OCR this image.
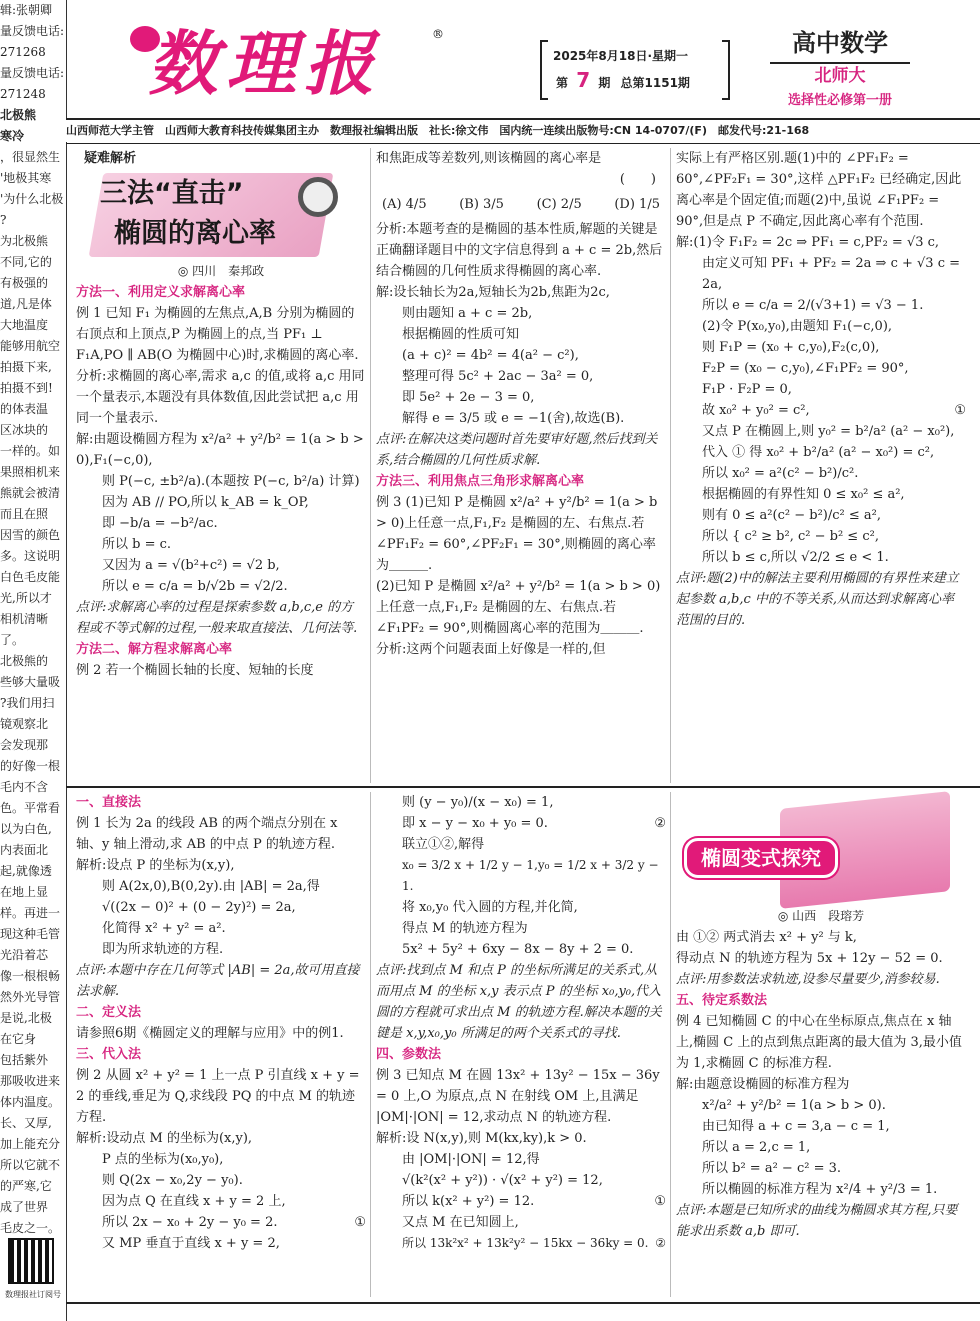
辑:张朝卿
量反馈电话:
271268
量反馈电话:
271248
北极熊
寒冷
，很显然生
'地极其寒
'为什么北极
?
为北极熊
不同,它的
有极强的
道,凡是体
大地温度
能够用航空
拍摄下来,
拍摄不到!
的体表温
区冰块的
一样的。如
果照相机来
熊就会被清
而且在照
因雪的颜色
多。这说明
白色毛皮能
光,所以才
相机清晰
了。
北极熊的
些够大量吸
?我们用扫
镜观察北
会发现那
的好像一根
毛内不含
色。平常看
以为白色,
内表面北
起,就像透
在地上显
样。再进一
现这种毛管
光沿着芯
像一根根畅
然外光导管
是说,北极
在它身
包括紫外
那吸收进来
体内温度。
长、又厚,
加上能充分
所以它就不
的严寒,它
成了世界
毛皮之一。
数理报社订阅号
数理报	®
2025年8月18日·星期一
第 7 期 总第1151期
高中数学
北师大
选择性必修第一册
山西师范大学主管　山西师大教育科技传媒集团主办　数理报社编辑出版　社长:徐文伟　国内统一连续出版物号:CN 14-0707/(F)　邮发代号:21-168
疑难解析
三法“直击”
椭圆的离心率
◎ 四川　秦邦政

方法一、利用定义求解离心率

例 1 已知 F₁ 为椭圆的左焦点,A,B 分别为椭圆的右顶点和上顶点,P 为椭圆上的点,当 PF₁ ⊥ F₁A,PO ∥ AB(O 为椭圆中心)时,求椭圆的离心率.

分析:求椭圆的离心率,需求 a,c 的值,或将 a,c 用同一个量表示,本题没有具体数值,因此尝试把 a,c 用同一个量表示.

解:由题设椭圆方程为 x²/a² + y²/b² = 1(a > b > 0),F₁(−c,0),

则 P(−c, ±b²/a).(本题按 P(−c, b²/a) 计算)

因为 AB // PO,所以 k_AB = k_OP,

即 −b/a = −b²/ac.

所以 b = c.

又因为 a = √(b²+c²) = √2 b,

所以 e = c/a = b/√2b = √2/2.

点评:求解离心率的过程是探索参数 a,b,c,e 的方程或不等式解的过程,一般来取直接法、几何法等.

方法二、解方程求解离心率

例 2 若一个椭圆长轴的长度、短轴的长度

和焦距成等差数列,则该椭圆的离心率是

(　　)

(A) 4/5	(B) 3/5	(C) 2/5	(D) 1/5

分析:本题考查的是椭圆的基本性质,解题的关键是正确翻译题目中的文字信息得到 a + c = 2b,然后结合椭圆的几何性质求得椭圆的离心率.

解:设长轴长为2a,短轴长为2b,焦距为2c,

则由题知 a + c = 2b,

根据椭圆的性质可知

(a + c)² = 4b² = 4(a² − c²),

整理可得 5c² + 2ac − 3a² = 0,

即 5e² + 2e − 3 = 0,

解得 e = 3/5 或 e = −1(舍),故选(B).

点评:在解决这类问题时首先要审好题,然后找到关系,结合椭圆的几何性质求解.

方法三、利用焦点三角形求解离心率

例 3 (1)已知 P 是椭圆 x²/a² + y²/b² = 1(a > b > 0)上任意一点,F₁,F₂ 是椭圆的左、右焦点.若 ∠PF₁F₂ = 60°,∠PF₂F₁ = 30°,则椭圆的离心率为＿＿＿.

(2)已知 P 是椭圆 x²/a² + y²/b² = 1(a > b > 0)上任意一点,F₁,F₂ 是椭圆的左、右焦点.若 ∠F₁PF₂ = 90°,则椭圆离心率的范围为＿＿＿.

分析:这两个问题表面上好像是一样的,但

实际上有严格区别.题(1)中的 ∠PF₁F₂ = 60°,∠PF₂F₁ = 30°,这样 △PF₁F₂ 已经确定,因此离心率是个固定值;而题(2)中,虽说 ∠F₁PF₂ = 90°,但是点 P 不确定,因此离心率有个范围.

解:(1)令 F₁F₂ = 2c ⇒ PF₁ = c,PF₂ = √3 c,

由定义可知 PF₁ + PF₂ = 2a ⇒ c + √3 c = 2a,

所以 e = c/a = 2/(√3+1) = √3 − 1.

(2)令 P(x₀,y₀),由题知 F₁(−c,0),

则 F₁P = (x₀ + c,y₀),F₂(c,0),

F₂P = (x₀ − c,y₀),∠F₁PF₂ = 90°,

F₁P · F₂P = 0,

故 x₀² + y₀² = c²,	①

又点 P 在椭圆上,则 y₀² = b²/a² (a² − x₀²),

代入 ① 得 x₀² + b²/a² (a² − x₀²) = c²,

所以 x₀² = a²(c² − b²)/c².

根据椭圆的有界性知 0 ≤ x₀² ≤ a²,

则有 0 ≤ a²(c² − b²)/c² ≤ a²,

所以 { c² ≥ b², c² − b² ≤ c²,

所以 b ≤ c,所以 √2/2 ≤ e < 1.

点评:题(2)中的解法主要利用椭圆的有界性来建立起参数 a,b,c 中的不等关系,从而达到求解离心率范围的目的.

一、直接法

例 1 长为 2a 的线段 AB 的两个端点分别在 x 轴、y 轴上滑动,求 AB 的中点 P 的轨迹方程.

解析:设点 P 的坐标为(x,y),

则 A(2x,0),B(0,2y).由 |AB| = 2a,得

√((2x − 0)² + (0 − 2y)²) = 2a,

化简得 x² + y² = a².

即为所求轨迹的方程.

点评:本题中存在几何等式 |AB| = 2a,故可用直接法求解.

二、定义法

请参照6期《椭圆定义的理解与应用》中的例1.

三、代入法

例 2 从圆 x² + y² = 1 上一点 P 引直线 x + y = 2 的垂线,垂足为 Q,求线段 PQ 的中点 M 的轨迹方程.

解析:设动点 M 的坐标为(x,y),

P 点的坐标为(x₀,y₀),

则 Q(2x − x₀,2y − y₀).

因为点 Q 在直线 x + y = 2 上,

所以 2x − x₀ + 2y − y₀ = 2.	①

又 MP 垂直于直线 x + y = 2,

则 (y − y₀)/(x − x₀) = 1,

即 x − y − x₀ + y₀ = 0.	②

联立①②,解得

x₀ = 3/2 x + 1/2 y − 1,y₀ = 1/2 x + 3/2 y − 1.

将 x₀,y₀ 代入圆的方程,并化简,

得点 M 的轨迹方程为

5x² + 5y² + 6xy − 8x − 8y + 2 = 0.

点评:找到点 M 和点 P 的坐标所满足的关系式,从而用点 M 的坐标 x,y 表示点 P 的坐标 x₀,y₀,代入圆的方程就可求出点 M 的轨迹方程.解决本题的关键是 x,y,x₀,y₀ 所满足的两个关系式的寻找.

四、参数法

例 3 已知点 M 在圆 13x² + 13y² − 15x − 36y = 0 上,O 为原点,点 N 在射线 OM 上,且满足 |OM|·|ON| = 12,求动点 N 的轨迹方程.

解析:设 N(x,y),则 M(kx,ky),k > 0.

由 |OM|·|ON| = 12,得

√(k²(x² + y²)) · √(x² + y²) = 12,

所以 k(x² + y²) = 12.	①

又点 M 在已知圆上,

所以 13k²x² + 13k²y² − 15kx − 36ky = 0. ②

椭圆变式探究

◎ 山西　段瑢芳

由 ①② 两式消去 x² + y² 与 k,

得动点 N 的轨迹方程为 5x + 12y − 52 = 0.

点评:用参数法求轨迹,设参尽量要少,消参较易.

五、待定系数法

例 4 已知椭圆 C 的中心在坐标原点,焦点在 x 轴上,椭圆 C 上的点到焦点距离的最大值为 3,最小值为 1,求椭圆 C 的标准方程.

解:由题意设椭圆的标准方程为

x²/a² + y²/b² = 1(a > b > 0).

由已知得 a + c = 3,a − c = 1,

所以 a = 2,c = 1,

所以 b² = a² − c² = 3.

所以椭圆的标准方程为 x²/4 + y²/3 = 1.

点评:本题是已知所求的曲线为椭圆求其方程,只要能求出系数 a,b 即可.
